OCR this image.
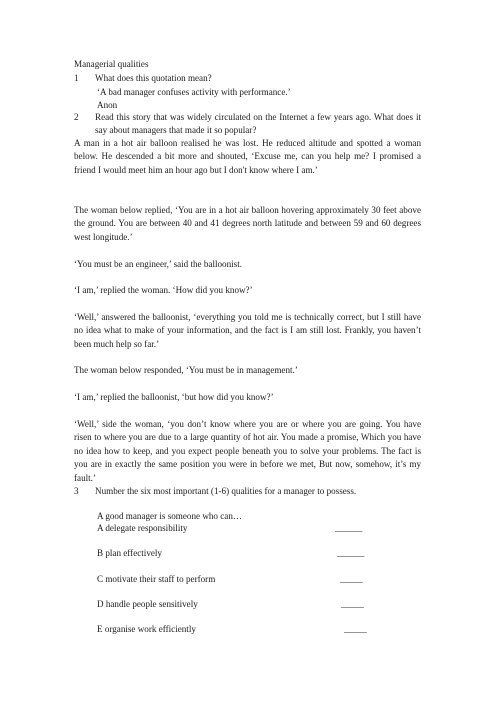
Managerial qualities
1 What does this quotation mean?
‘A bad manager confuses activity with performance.’
Anon
2 Read this story that was widely circulated on the Internet a few years ago. What does it say about managers that made it so popular?
A man in a hot air balloon realised he was lost. He reduced altitude and spotted a woman below. He descended a bit more and shouted, ‘Excuse me, can you help me? I promised a friend I would meet him an hour ago but I don't know where I am.’
The woman below replied, ‘You are in a hot air balloon hovering approximately 30 feet above the ground. You are between 40 and 41 degrees north latitude and between 59 and 60 degrees west longitude.’
‘You must be an engineer,’ said the balloonist.
‘I am,’ replied the woman. ‘How did you know?’
‘Well,’ answered the balloonist, ‘everything you told me is technically correct, but I still have no idea what to make of your information, and the fact is I am still lost. Frankly, you haven’t been much help so far.’
The woman below responded, ‘You must be in management.’
‘I am,’ replied the balloonist, ‘but how did you know?’
‘Well,’ side the woman, ‘you don’t know where you are or where you are going. You have risen to where you are due to a large quantity of hot air. You made a promise, Which you have no idea how to keep, and you expect people beneath you to solve your problems. The fact is you are in exactly the same position you were in before we met, But now, somehow, it’s my fault.’
3 Number the six most important (1-6) qualities for a manager to possess.
A good manager is someone who can…
A delegate responsibility	______
B plan effectively	______
C motivate their staff to perform	_____
D handle people sensitively	_____
E organise work efficiently	_____
